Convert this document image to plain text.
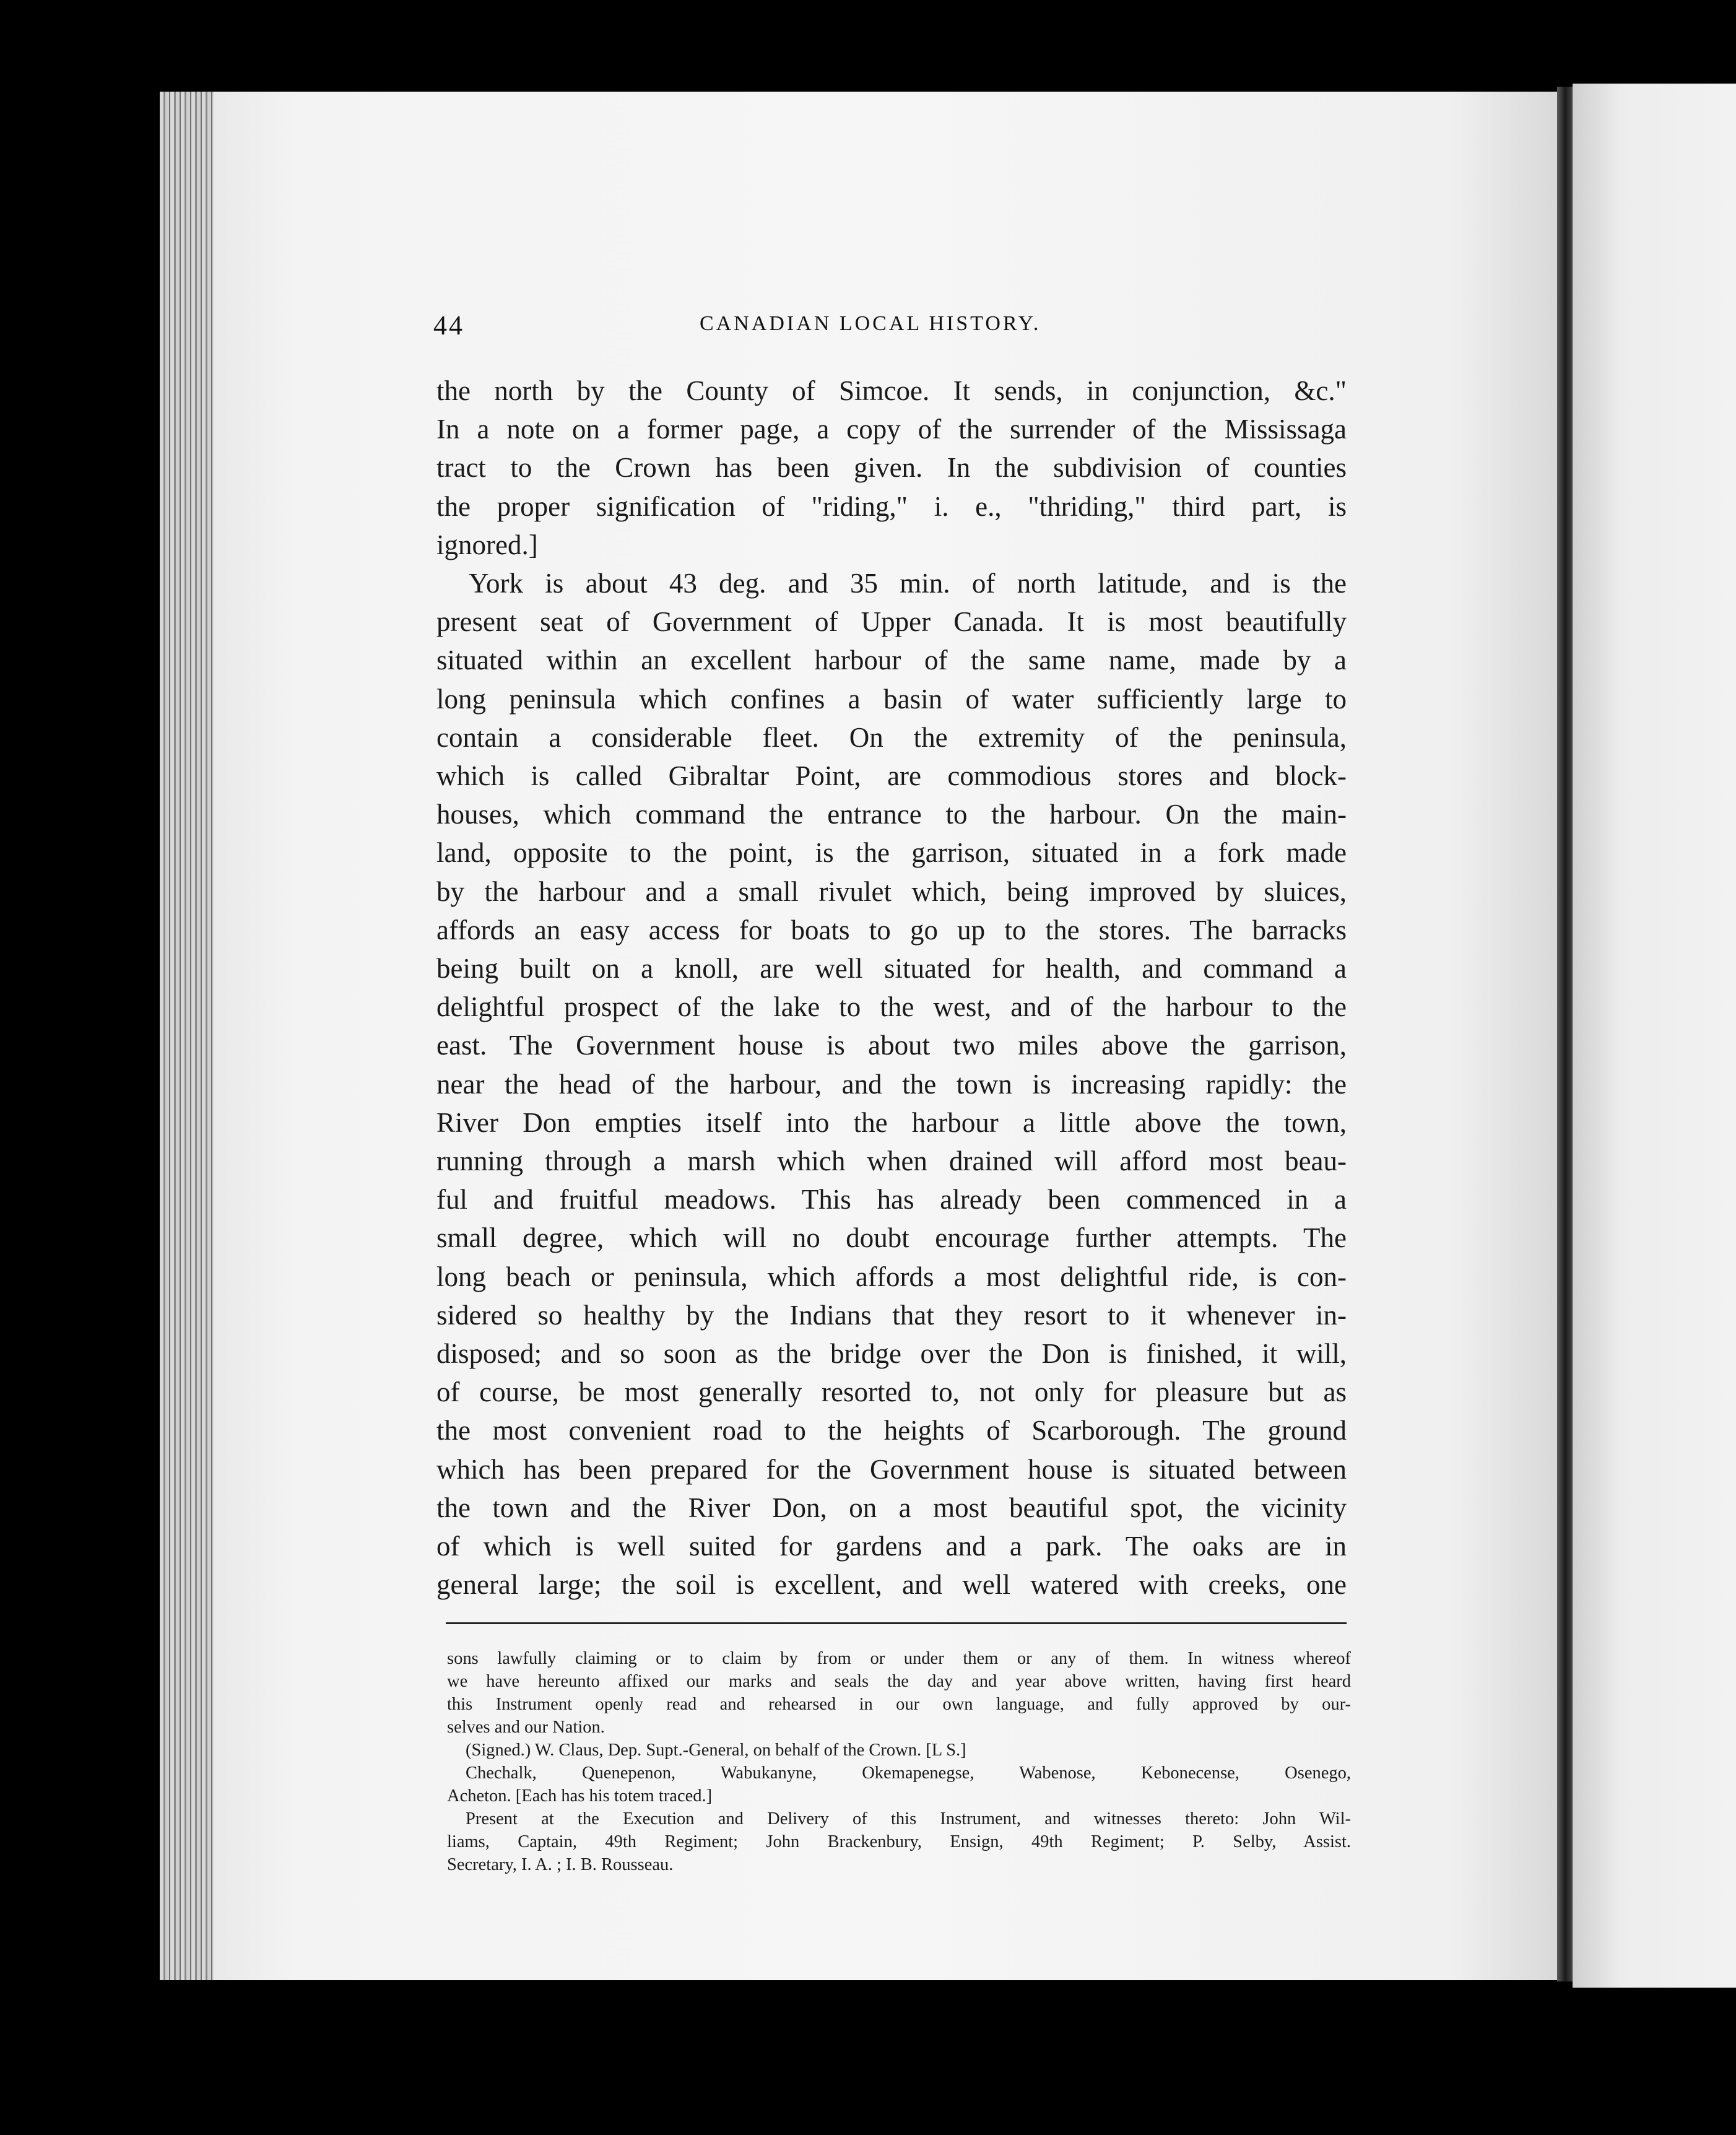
44	CANADIAN LOCAL HISTORY.
the north by the County of Simcoe. It sends, in conjunction, &c."
In a note on a former page, a copy of the surrender of the Mississaga
tract to the Crown has been given. In the subdivision of counties
the proper signification of "riding," i. e., "thriding," third part, is
ignored.]
York is about 43 deg. and 35 min. of north latitude, and is the
present seat of Government of Upper Canada. It is most beautifully
situated within an excellent harbour of the same name, made by a
long peninsula which confines a basin of water sufficiently large to
contain a considerable fleet. On the extremity of the peninsula,
which is called Gibraltar Point, are commodious stores and block-
houses, which command the entrance to the harbour. On the main-
land, opposite to the point, is the garrison, situated in a fork made
by the harbour and a small rivulet which, being improved by sluices,
affords an easy access for boats to go up to the stores. The barracks
being built on a knoll, are well situated for health, and command a
delightful prospect of the lake to the west, and of the harbour to the
east. The Government house is about two miles above the garrison,
near the head of the harbour, and the town is increasing rapidly: the
River Don empties itself into the harbour a little above the town,
running through a marsh which when drained will afford most beau-
ful and fruitful meadows. This has already been commenced in a
small degree, which will no doubt encourage further attempts. The
long beach or peninsula, which affords a most delightful ride, is con-
sidered so healthy by the Indians that they resort to it whenever in-
disposed; and so soon as the bridge over the Don is finished, it will,
of course, be most generally resorted to, not only for pleasure but as
the most convenient road to the heights of Scarborough. The ground
which has been prepared for the Government house is situated between
the town and the River Don, on a most beautiful spot, the vicinity
of which is well suited for gardens and a park. The oaks are in
general large; the soil is excellent, and well watered with creeks, one
sons lawfully claiming or to claim by from or under them or any of them. In witness whereof
we have hereunto affixed our marks and seals the day and year above written, having first heard
this Instrument openly read and rehearsed in our own language, and fully approved by our-
selves and our Nation.
(Signed.) W. Claus, Dep. Supt.-General, on behalf of the Crown. [L S.]
Chechalk, Quenepenon, Wabukanyne, Okemapenegse, Wabenose, Kebonecense, Osenego,
Acheton. [Each has his totem traced.]
Present at the Execution and Delivery of this Instrument, and witnesses thereto: John Wil-
liams, Captain, 49th Regiment; John Brackenbury, Ensign, 49th Regiment; P. Selby, Assist.
Secretary, I. A. ; I. B. Rousseau.
